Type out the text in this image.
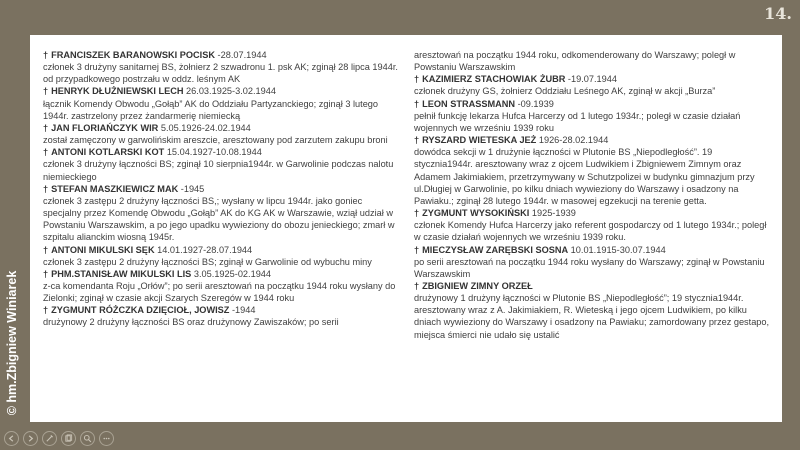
14.
© hm.Zbigniew Winiarek

† FRANCISZEK BARANOWSKI POCISK -28.07.1944
członek 3 drużyny sanitarnej BS, żołnierz 2 szwadronu 1. psk AK; zginął 28 lipca 1944r. od przypadkowego postrzału w oddz. leśnym AK

† HENRYK DŁUŻNIEWSKI LECH 26.03.1925-3.02.1944
łącznik Komendy Obwodu „Gołąb” AK do Oddziału Partyzanckiego; zginął 3 lutego 1944r. zastrzelony przez żandarmerię niemiecką

† JAN FLORIAŃCZYK WIR 5.05.1926-24.02.1944
został zamęczony w garwolińskim areszcie, aresztowany pod zarzutem zakupu broni

† ANTONI KOTLARSKI KOT 15.04.1927-10.08.1944
członek 3 drużyny łączności BS; zginął 10 sierpnia1944r. w Garwolinie podczas nalotu niemieckiego

† STEFAN MASZKIEWICZ MAK -1945
członek 3 zastępu 2 drużyny łączności BS,; wysłany w lipcu 1944r. jako goniec specjalny przez Komendę Obwodu „Gołąb” AK do KG AK w Warszawie, wziął udział w Powstaniu Warszawskim, a po jego upadku wywieziony do obozu jenieckiego; zmarł w szpitalu alianckim wiosną 1945r.

† ANTONI MIKULSKI SĘK 14.01.1927-28.07.1944
członek 3 zastępu 2 drużyny łączności BS; zginął w Garwolinie od wybuchu miny

† PHM.STANISŁAW MIKULSKI LIS 3.05.1925-02.1944
z-ca komendanta Roju „Orłów”; po serii aresztowań na początku 1944 roku wysłany do Zielonki; zginął w czasie akcji Szarych Szeregów w 1944 roku

† ZYGMUNT RÓŻCZKA DZIĘCIOŁ, JOWISZ -1944
drużynowy 2 drużyny łączności BS oraz drużynowy Zawiszaków; po serii

aresztowań na początku 1944 roku, odkomenderowany do Warszawy; poległ w Powstaniu Warszawskim

† KAZIMIERZ STACHOWIAK ŻUBR -19.07.1944
członek drużyny GS, żołnierz Oddziału Leśnego AK, zginął w akcji „Burza”

† LEON STRASSMANN -09.1939
pełnił funkcję lekarza Hufca Harcerzy od 1 lutego 1934r.; poległ w czasie działań wojennych we wrześniu 1939 roku

† RYSZARD WIETESKA JEŻ 1926-28.02.1944
dowódca sekcji w 1 drużynie łączności w Plutonie BS „Niepodległość”. 19 stycznia1944r. aresztowany wraz z ojcem Ludwikiem i Zbigniewem Zimnym oraz Adamem Jakimiakiem, przetrzymywany w Schutzpolizei w budynku gimnazjum przy ul.Długiej w Garwolinie, po kilku dniach wywieziony do Warszawy i osadzony na Pawiaku.; zginął 28 lutego 1944r. w masowej egzekucji na terenie getta.

† ZYGMUNT WYSOKIŃSKI 1925-1939
członek Komendy Hufca Harcerzy jako referent gospodarczy od 1 lutego 1934r.; poległ w czasie działań wojennych we wrześniu 1939 roku.

† MIECZYSŁAW ZARĘBSKI SOSNA 10.01.1915-30.07.1944
po serii aresztowań na początku 1944 roku wysłany do Warszawy; zginął w Powstaniu Warszawskim

† ZBIGNIEW ZIMNY ORZEŁ
drużynowy 1 drużyny łączności w Plutonie BS „Niepodległość”; 19 stycznia1944r. aresztowany wraz z A. Jakimiakiem, R. Wieteską i jego ojcem Ludwikiem, po kilku dniach wywieziony do Warszawy i osadzony na Pawiaku; zamordowany przez gestapo, miejsca śmierci nie udało się ustalić
